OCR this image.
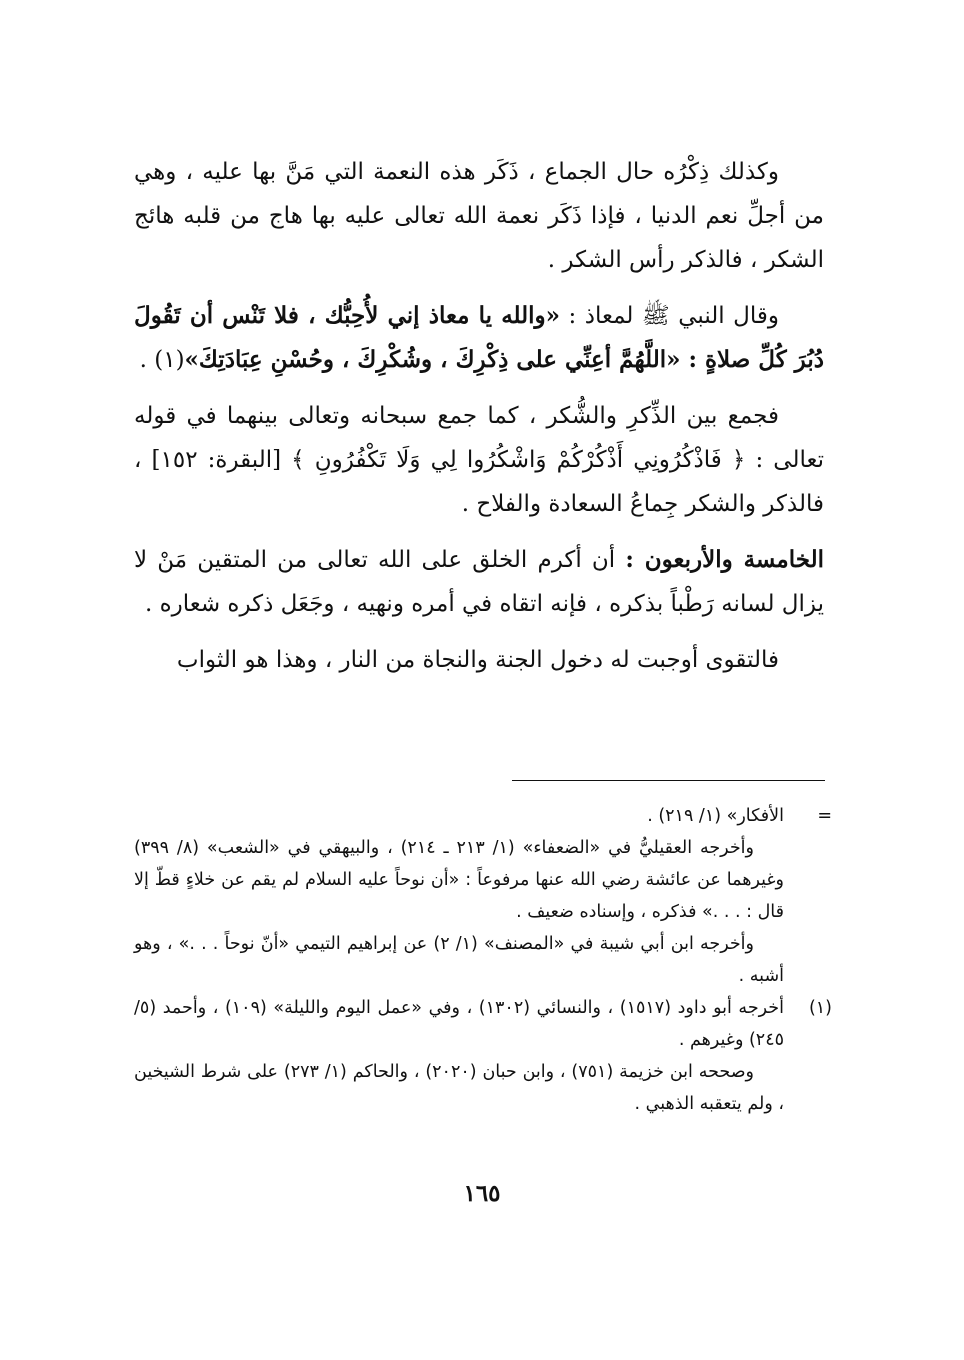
وكذلك ذِكْرُه حال الجماع ، ذَكَر هذه النعمة التي مَنَّ بها عليه ، وهي من أجلِّ نعم الدنيا ، فإذا ذَكَر نعمة الله تعالى عليه بها هاج من قلبه هائج الشكر ، فالذكر رأس الشكر .

وقال النبي ﷺ لمعاذ : «والله يا معاذ إني لأُحِبُّك ، فلا تَنْس أن تَقُولَ دُبُرَ كُلِّ صلاةٍ : «اللَّهُمَّ أعِنِّي على ذِكْرِكَ ، وشُكْرِكَ ، وحُسْنِ عِبَادَتِكَ»(١) .

فجمع بين الذِّكرِ والشُّكر ، كما جمع سبحانه وتعالى بينهما في قوله تعالى : ﴿ فَاذْكُرُونِي أَذْكُرْكُمْ وَاشْكُرُوا لِي وَلَا تَكْفُرُونِ ﴾ [البقرة: ١٥٢] ، فالذكر والشكر جِماعُ السعادة والفلاح .

الخامسة والأربعون : أن أكرم الخلق على الله تعالى من المتقين مَنْ لا يزال لسانه رَطْباً بذكره ، فإنه اتقاه في أمره ونهيه ، وجَعَل ذكره شعاره .

فالتقوى أوجبت له دخول الجنة والنجاة من النار ، وهذا هو الثواب

=
الأفكار» (١/ ٢١٩) .

وأخرجه العقيليُّ في «الضعفاء» (١/ ٢١٣ ـ ٢١٤) ، والبيهقي في «الشعب» (٨/ ٣٩٩) وغيرهما عن عائشة رضي الله عنها مرفوعاً : «أن نوحاً عليه السلام لم يقم عن خلاءٍ قطّ إلا قال : . . .» فذكره ، وإسناده ضعيف .

وأخرجه ابن أبي شيبة في «المصنف» (١/ ٢) عن إبراهيم التيمي «أنّ نوحاً . . .» ، وهو أشبه .

(١)
أخرجه أبو داود (١٥١٧) ، والنسائي (١٣٠٢) ، وفي «عمل اليوم والليلة» (١٠٩) ، وأحمد (٥/ ٢٤٥) وغيرهم .

وصححه ابن خزيمة (٧٥١) ، وابن حبان (٢٠٢٠) ، والحاكم (١/ ٢٧٣) على شرط الشيخين ، ولم يتعقبه الذهبي .

١٦٥
